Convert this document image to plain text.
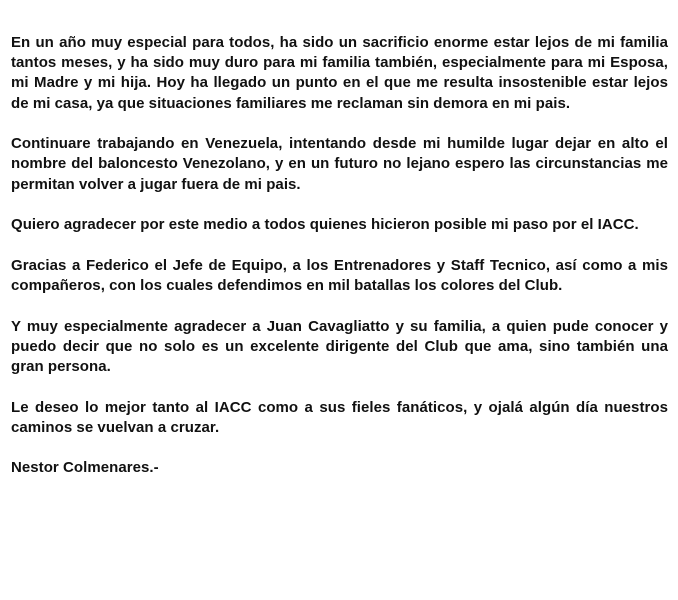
En un año muy especial para todos, ha sido un sacrificio enorme estar lejos de mi familia tantos meses, y ha sido muy duro para mi familia también, especialmente para mi Esposa, mi Madre y mi hija. Hoy ha llegado un punto en el que me resulta insostenible estar lejos de mi casa, ya que situaciones familiares me reclaman sin demora en mi pais.

Continuare trabajando en Venezuela, intentando desde mi humilde lugar dejar en alto el nombre del baloncesto Venezolano, y en un futuro no lejano espero las circunstancias me permitan volver a jugar fuera de mi pais.

Quiero agradecer por este medio a todos quienes hicieron posible mi paso por el IACC.

Gracias a Federico el Jefe de Equipo, a los Entrenadores y Staff Tecnico, así como a mis compañeros, con los cuales defendimos en mil batallas los colores del Club.

Y muy especialmente agradecer a Juan Cavagliatto y su familia, a quien pude conocer y puedo decir que no solo es un excelente dirigente del Club que ama, sino también una gran persona.

Le deseo lo mejor tanto al IACC como a sus fieles fanáticos, y ojalá algún día nuestros caminos se vuelvan a cruzar.

Nestor Colmenares.-
